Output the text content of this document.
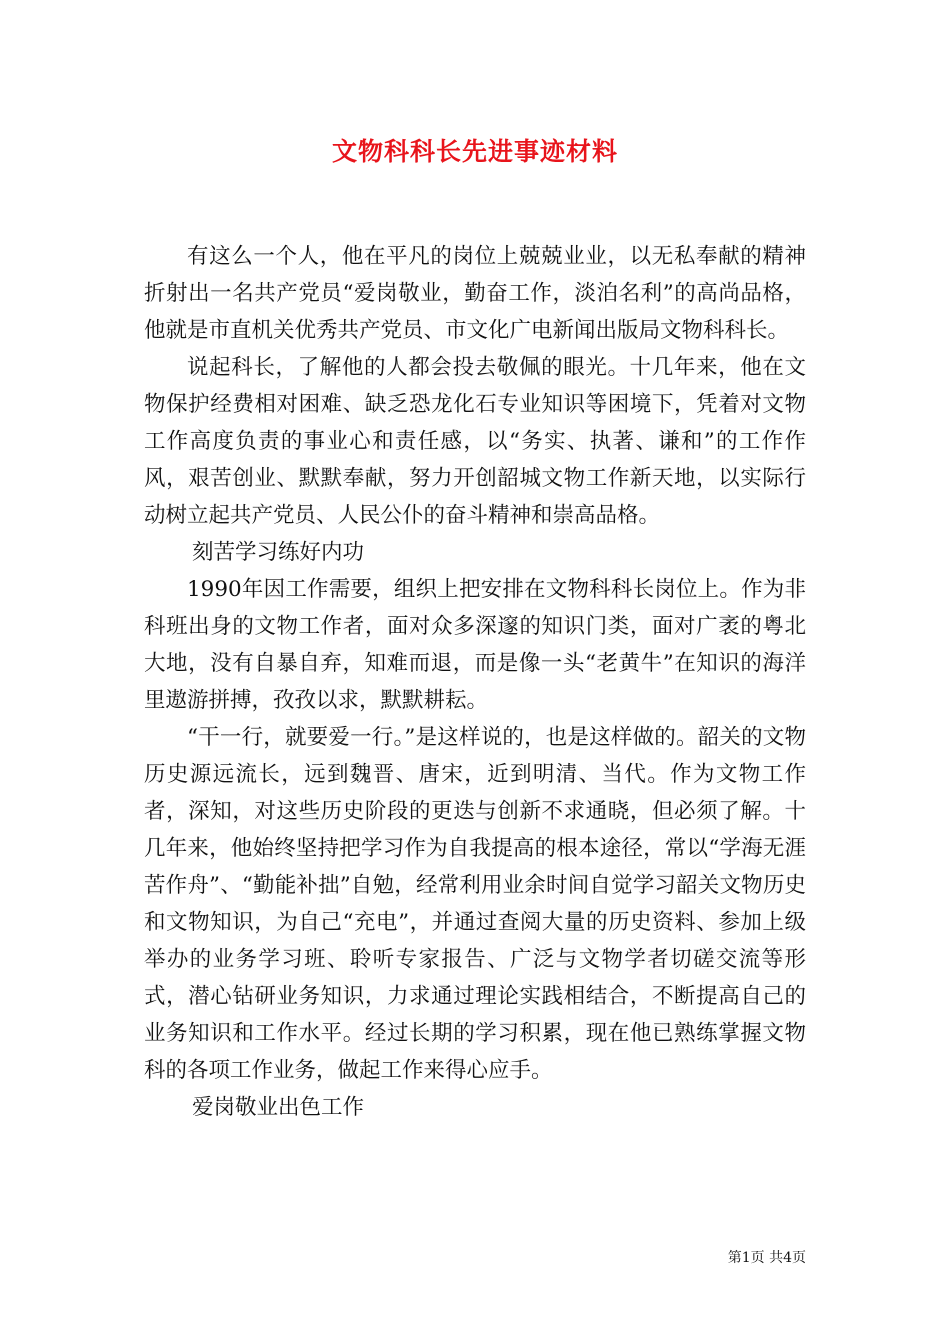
文物科科长先进事迹材料

有这么一个人，他在平凡的岗位上兢兢业业，以无私奉献的精神折射出一名共产党员“爱岗敬业，勤奋工作，淡泊名利”的高尚品格，他就是市直机关优秀共产党员、市文化广电新闻出版局文物科科长。

说起科长，了解他的人都会投去敬佩的眼光。十几年来，他在文物保护经费相对困难、缺乏恐龙化石专业知识等困境下，凭着对文物工作高度负责的事业心和责任感，以“务实、执著、谦和”的工作作风，艰苦创业、默默奉献，努力开创韶城文物工作新天地，以实际行动树立起共产党员、人民公仆的奋斗精神和崇高品格。

刻苦学习练好内功

1990年因工作需要，组织上把安排在文物科科长岗位上。作为非科班出身的文物工作者，面对众多深邃的知识门类，面对广袤的粤北大地，没有自暴自弃，知难而退，而是像一头“老黄牛”在知识的海洋里遨游拼搏，孜孜以求，默默耕耘。

“干一行，就要爱一行。”是这样说的，也是这样做的。韶关的文物历史源远流长，远到魏晋、唐宋，近到明清、当代。作为文物工作者，深知，对这些历史阶段的更迭与创新不求通晓，但必须了解。十几年来，他始终坚持把学习作为自我提高的根本途径，常以“学海无涯苦作舟”、“勤能补拙”自勉，经常利用业余时间自觉学习韶关文物历史和文物知识，为自己“充电”，并通过查阅大量的历史资料、参加上级举办的业务学习班、聆听专家报告、广泛与文物学者切磋交流等形式，潜心钻研业务知识，力求通过理论实践相结合，不断提高自己的业务知识和工作水平。经过长期的学习积累，现在他已熟练掌握文物科的各项工作业务，做起工作来得心应手。

爱岗敬业出色工作

第1页 共4页
